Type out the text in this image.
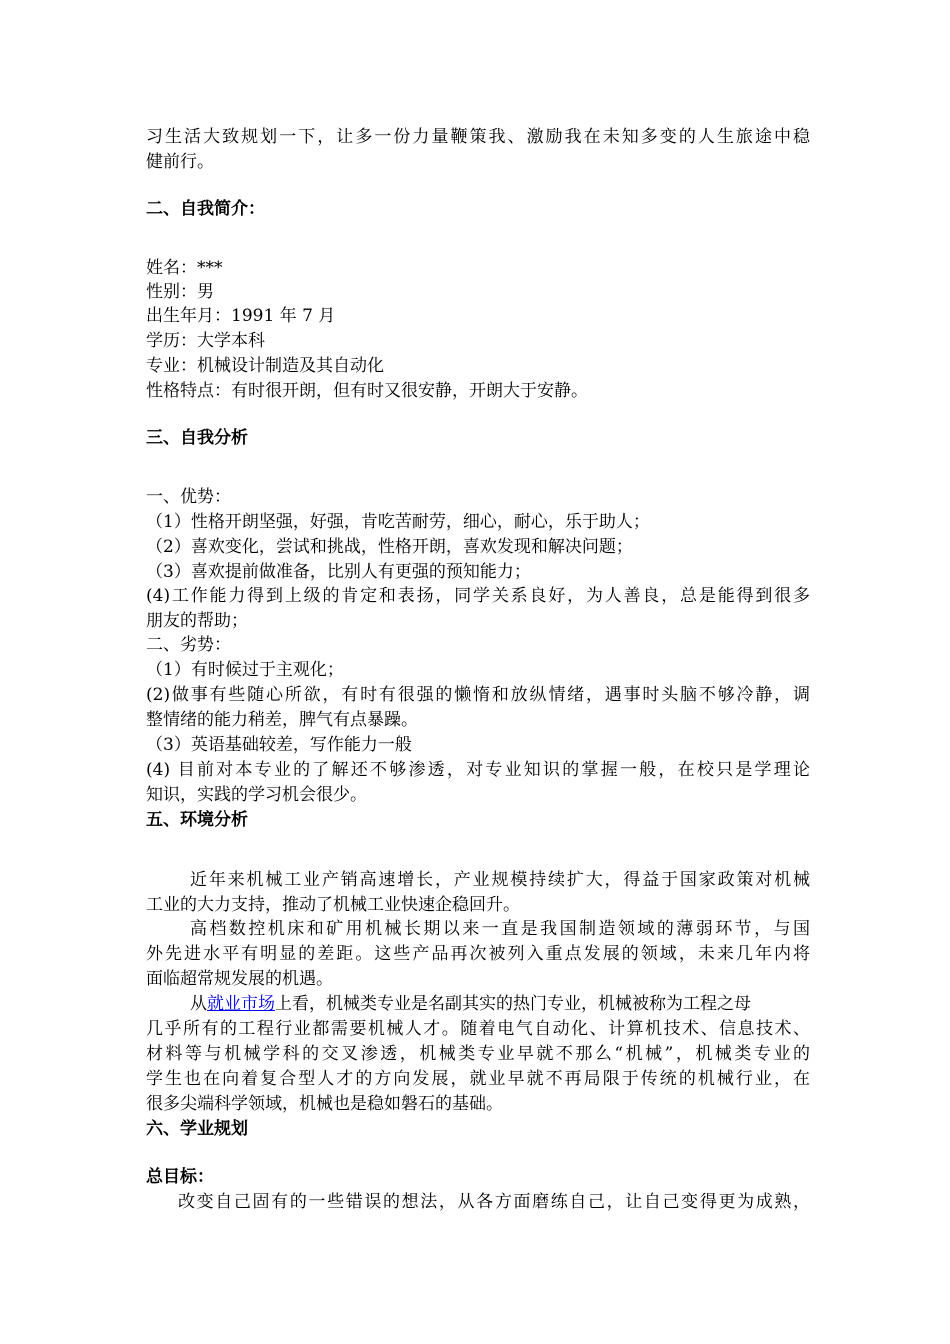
习生活大致规划一下，让多一份力量鞭策我、激励我在未知多变的人生旅途中稳
健前行。
二、自我简介：
姓名：***
性别：男
出生年月：1991 年 7 月
学历：大学本科
专业：机械设计制造及其自动化
性格特点：有时很开朗，但有时又很安静，开朗大于安静。
三、自我分析
一、优势：
（1）性格开朗坚强，好强，肯吃苦耐劳，细心，耐心，乐于助人；
（2）喜欢变化，尝试和挑战，性格开朗，喜欢发现和解决问题；
（3）喜欢提前做准备，比别人有更强的预知能力；
(4)工作能力得到上级的肯定和表扬，同学关系良好，为人善良，总是能得到很多
朋友的帮助；
二、劣势：
（1）有时候过于主观化；
(2)做事有些随心所欲，有时有很强的懒惰和放纵情绪，遇事时头脑不够冷静，调
整情绪的能力稍差，脾气有点暴躁。
（3）英语基础较差，写作能力一般
(4) 目前对本专业的了解还不够渗透，对专业知识的掌握一般，在校只是学理论
知识，实践的学习机会很少。
五、环境分析
近年来机械工业产销高速增长，产业规模持续扩大，得益于国家政策对机械
工业的大力支持，推动了机械工业快速企稳回升。
高档数控机床和矿用机械长期以来一直是我国制造领域的薄弱环节，与国
外先进水平有明显的差距。这些产品再次被列入重点发展的领域，未来几年内将
面临超常规发展的机遇。
从就业市场上看，机械类专业是名副其实的热门专业，机械被称为工程之母
几乎所有的工程行业都需要机械人才。随着电气自动化、计算机技术、信息技术、
材料等与机械学科的交叉渗透，机械类专业早就不那么“机械”，机械类专业的
学生也在向着复合型人才的方向发展，就业早就不再局限于传统的机械行业，在
很多尖端科学领域，机械也是稳如磐石的基础。
六、学业规划
总目标：
改变自己固有的一些错误的想法，从各方面磨练自己，让自己变得更为成熟，
